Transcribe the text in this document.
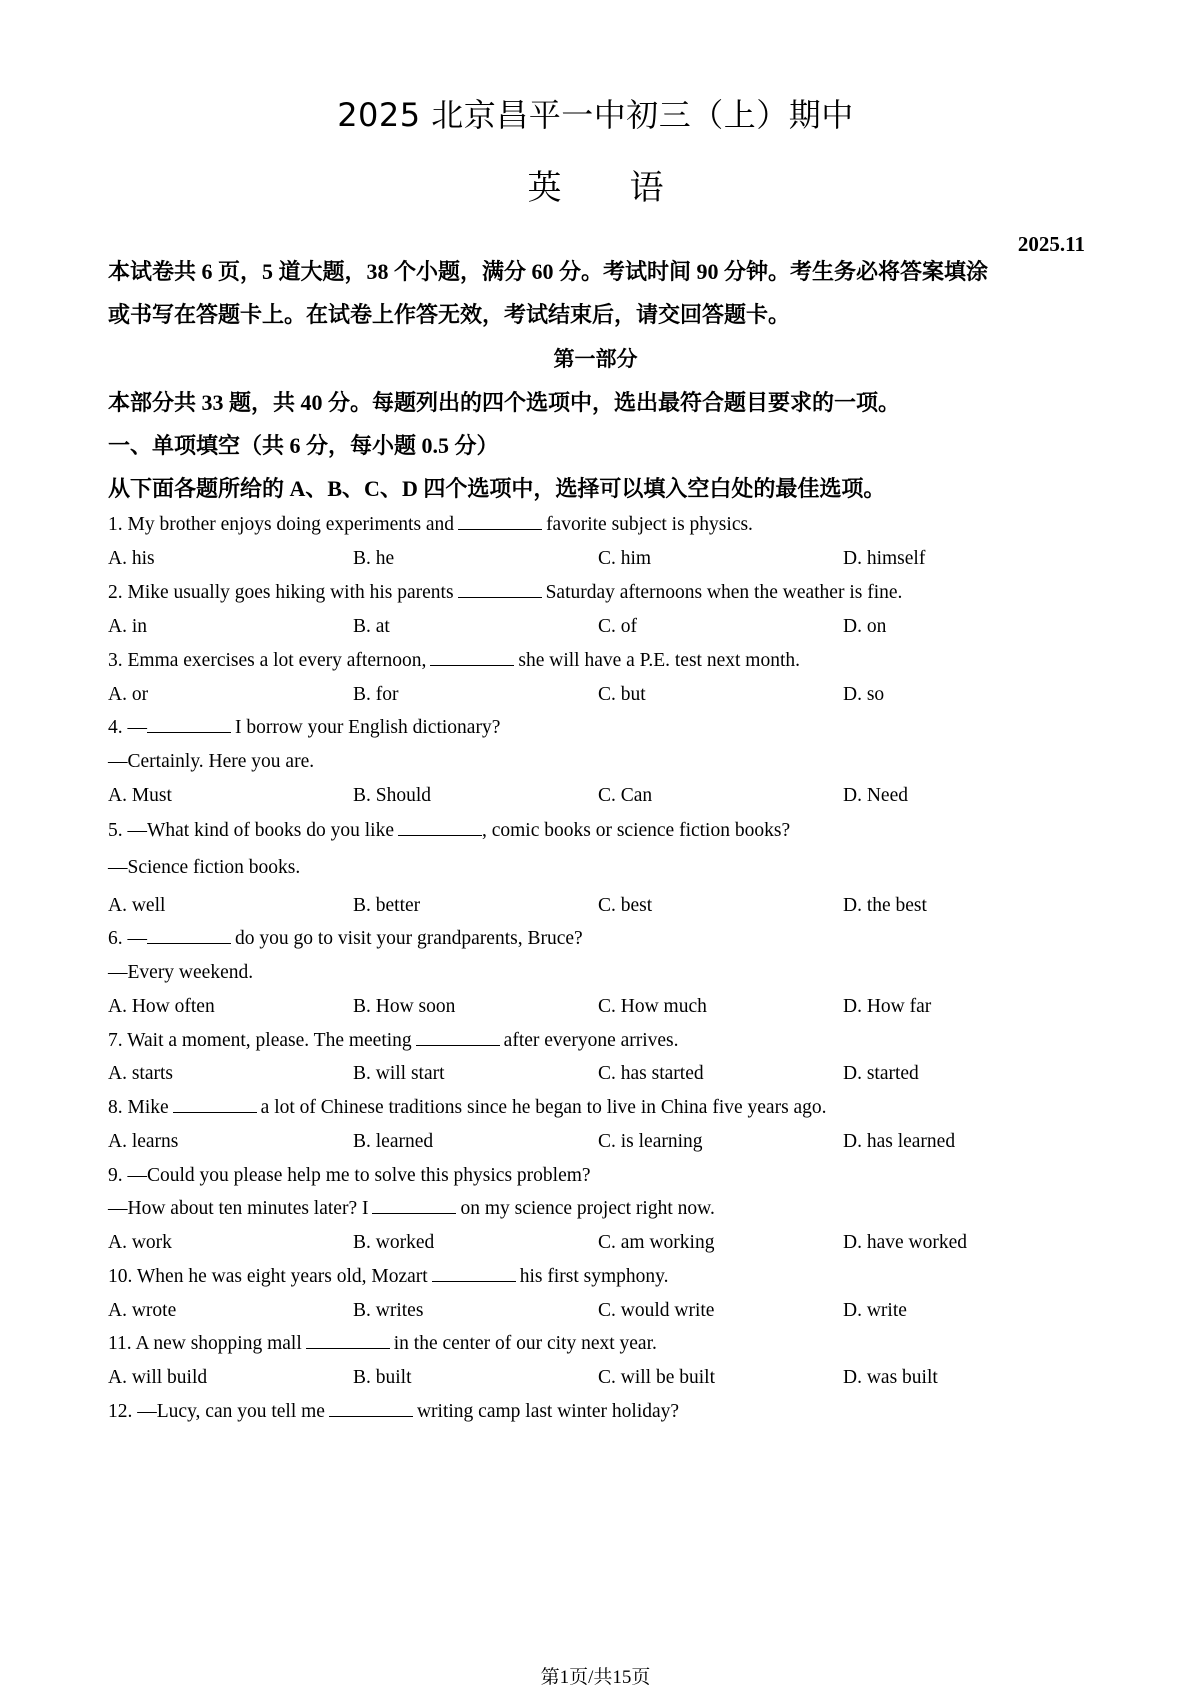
2025 北京昌平一中初三（上）期中
英 语
2025.11
本试卷共 6 页，5 道大题，38 个小题，满分 60 分。考试时间 90 分钟。考生务必将答案填涂
或书写在答题卡上。在试卷上作答无效，考试结束后，请交回答题卡。
第一部分
本部分共 33 题，共 40 分。每题列出的四个选项中，选出最符合题目要求的一项。
一、单项填空（共 6 分，每小题 0.5 分）
从下面各题所给的 A、B、C、D 四个选项中，选择可以填入空白处的最佳选项。
1. My brother enjoys doing experiments and	favorite subject is physics.
A. his	B. he	C. him	D. himself
2. Mike usually goes hiking with his parents	Saturday afternoons when the weather is fine.
A. in	B. at	C. of	D. on
3. Emma exercises a lot every afternoon,	she will have a P.E. test next month.
A. or	B. for	C. but	D. so
4. —	I borrow your English dictionary?
—Certainly. Here you are.
A. Must	B. Should	C. Can	D. Need
5. —What kind of books do you like	, comic books or science fiction books?
—Science fiction books.
A. well	B. better	C. best	D. the best
6. —	do you go to visit your grandparents, Bruce?
—Every weekend.
A. How often	B. How soon	C. How much	D. How far
7. Wait a moment, please. The meeting	after everyone arrives.
A. starts	B. will start	C. has started	D. started
8. Mike	a lot of Chinese traditions since he began to live in China five years ago.
A. learns	B. learned	C. is learning	D. has learned
9. —Could you please help me to solve this physics problem?
—How about ten minutes later? I	on my science project right now.
A. work	B. worked	C. am working	D. have worked
10. When he was eight years old, Mozart	his first symphony.
A. wrote	B. writes	C. would write	D. write
11. A new shopping mall	in the center of our city next year.
A. will build	B. built	C. will be built	D. was built
12. —Lucy, can you tell me	writing camp last winter holiday?
第1页/共15页
